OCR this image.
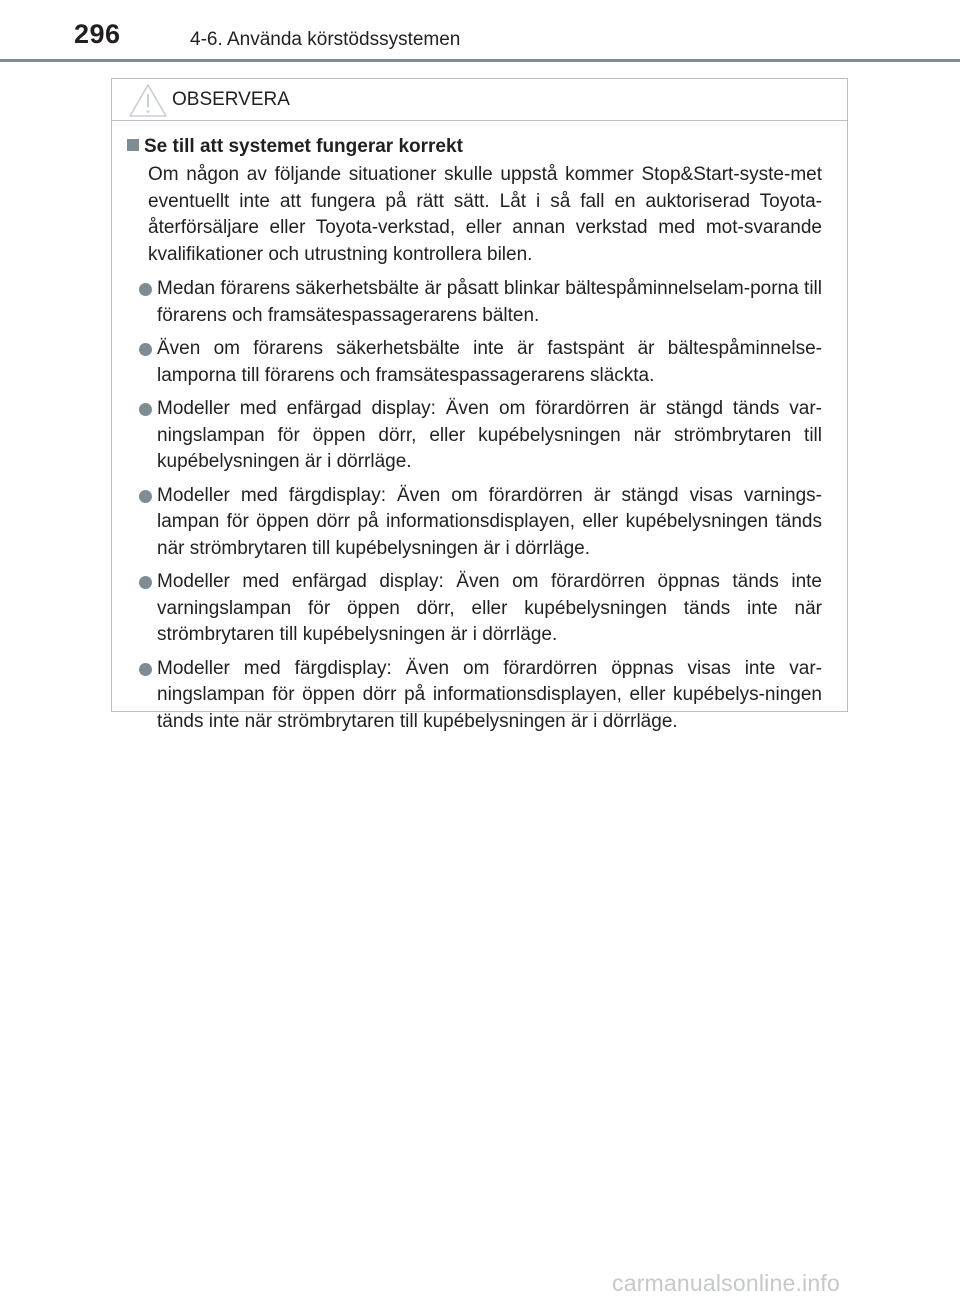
296	4-6. Använda körstödssystemen
OBSERVERA
Se till att systemet fungerar korrekt

Om någon av följande situationer skulle uppstå kommer Stop&Start-syste-met eventuellt inte att fungera på rätt sätt. Låt i så fall en auktoriserad Toyota-återförsäljare eller Toyota-verkstad, eller annan verkstad med mot-svarande kvalifikationer och utrustning kontrollera bilen.

Medan förarens säkerhetsbälte är påsatt blinkar bältespåminnelselam-porna till förarens och framsätespassagerarens bälten.
Även om förarens säkerhetsbälte inte är fastspänt är bältespåminnelse-lamporna till förarens och framsätespassagerarens släckta.
Modeller med enfärgad display: Även om förardörren är stängd tänds var-ningslampan för öppen dörr, eller kupébelysningen när strömbrytaren till kupébelysningen är i dörrläge.
Modeller med färgdisplay: Även om förardörren är stängd visas varnings-lampan för öppen dörr på informationsdisplayen, eller kupébelysningen tänds när strömbrytaren till kupébelysningen är i dörrläge.
Modeller med enfärgad display: Även om förardörren öppnas tänds inte varningslampan för öppen dörr, eller kupébelysningen tänds inte när strömbrytaren till kupébelysningen är i dörrläge.
Modeller med färgdisplay: Även om förardörren öppnas visas inte var-ningslampan för öppen dörr på informationsdisplayen, eller kupébelys-ningen tänds inte när strömbrytaren till kupébelysningen är i dörrläge.
carmanualsonline.info
